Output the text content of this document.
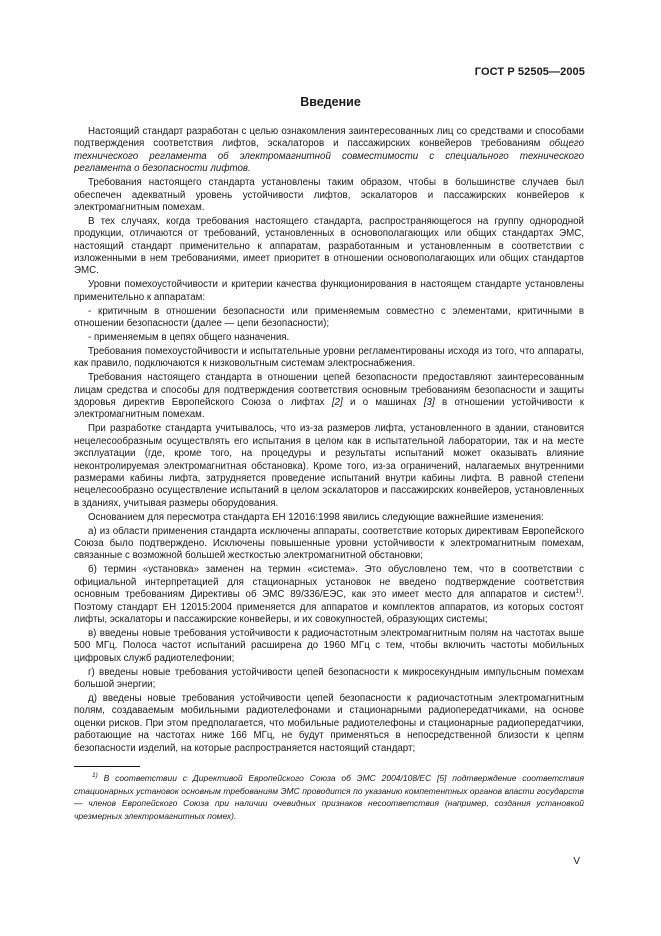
ГОСТ Р 52505—2005
Введение

Настоящий стандарт разработан с целью ознакомления заинтересованных лиц со средствами и способами подтверждения соответствия лифтов, эскалаторов и пассажирских конвейеров требованиям общего технического регламента об электромагнитной совместимости с специального технического регламента о безопасности лифтов.

Требования настоящего стандарта установлены таким образом, чтобы в большинстве случаев был обеспечен адекватный уровень устойчивости лифтов, эскалаторов и пассажирских конвейеров к электромагнитным помехам.

В тех случаях, когда требования настоящего стандарта, распространяющегося на группу однородной продукции, отличаются от требований, установленных в основополагающих или общих стандартах ЭМС, настоящий стандарт применительно к аппаратам, разработанным и установленным в соответствии с изложенными в нем требованиями, имеет приоритет в отношении основополагающих или общих стандартов ЭМС.

Уровни помехоустойчивости и критерии качества функционирования в настоящем стандарте установлены применительно к аппаратам:

- критичным в отношении безопасности или применяемым совместно с элементами, критичными в отношении безопасности (далее — цепи безопасности);

- применяемым в цепях общего назначения.

Требования помехоустойчивости и испытательные уровни регламентированы исходя из того, что аппараты, как правило, подключаются к низковольтным системам электроснабжения.

Требования настоящего стандарта в отношении цепей безопасности предоставляют заинтересованным лицам средства и способы для подтверждения соответствия основным требованиям безопасности и защиты здоровья директив Европейского Союза о лифтах [2] и о машинах [3] в отношении устойчивости к электромагнитным помехам.

При разработке стандарта учитывалось, что из-за размеров лифта, установленного в здании, становится нецелесообразным осуществлять его испытания в целом как в испытательной лаборатории, так и на месте эксплуатации (где, кроме того, на процедуры и результаты испытаний может оказывать влияние неконтролируемая электромагнитная обстановка). Кроме того, из-за ограничений, налагаемых внутренними размерами кабины лифта, затрудняется проведение испытаний внутри кабины лифта. В равной степени нецелесообразно осуществление испытаний в целом эскалаторов и пассажирских конвейеров, установленных в зданиях, учитывая размеры оборудования.

Основанием для пересмотра стандарта ЕН 12016:1998 явились следующие важнейшие изменения:

а) из области применения стандарта исключены аппараты, соответствие которых директивам Европейского Союза было подтверждено. Исключены повышенные уровни устойчивости к электромагнитным помехам, связанные с возможной большей жесткостью электромагнитной обстановки;

б) термин «установка» заменен на термин «система». Это обусловлено тем, что в соответствии с официальной интерпретацией для стационарных установок не введено подтверждение соответствия основным требованиям Директивы об ЭМС 89/336/ЕЭС, как это имеет место для аппаратов и систем$^{1)}$. Поэтому стандарт ЕН 12015:2004 применяется для аппаратов и комплектов аппаратов, из которых состоят лифты, эскалаторы и пассажирские конвейеры, и их совокупностей, образующих системы;

в) введены новые требования устойчивости к радиочастотным электромагнитным полям на частотах выше 500 МГц. Полоса частот испытаний расширена до 1960 МГц с тем, чтобы включить частоты мобильных цифровых служб радиотелефонии;

г) введены новые требования устойчивости цепей безопасности к микросекундным импульсным помехам большой энергии;

д) введены новые требования устойчивости цепей безопасности к радиочастотным электромагнитным полям, создаваемым мобильными радиотелефонами и стационарными радиопередатчиками, на основе оценки рисков. При этом предполагается, что мобильные радиотелефоны и стационарные радиопередатчики, работающие на частотах ниже 166 МГц, не будут применяться в непосредственной близости к цепям безопасности изделий, на которые распространяется настоящий стандарт;

$^{1)}$ В соответствии с Директивой Европейского Союза об ЭМС 2004/108/ЕС [5] подтверждение соответствия стационарных установок основным требованиям ЭМС проводится по указанию компетентных органов власти государств — членов Европейского Союза при наличии очевидных признаков несоответствия (например, создания установкой чрезмерных электромагнитных помех).
V
